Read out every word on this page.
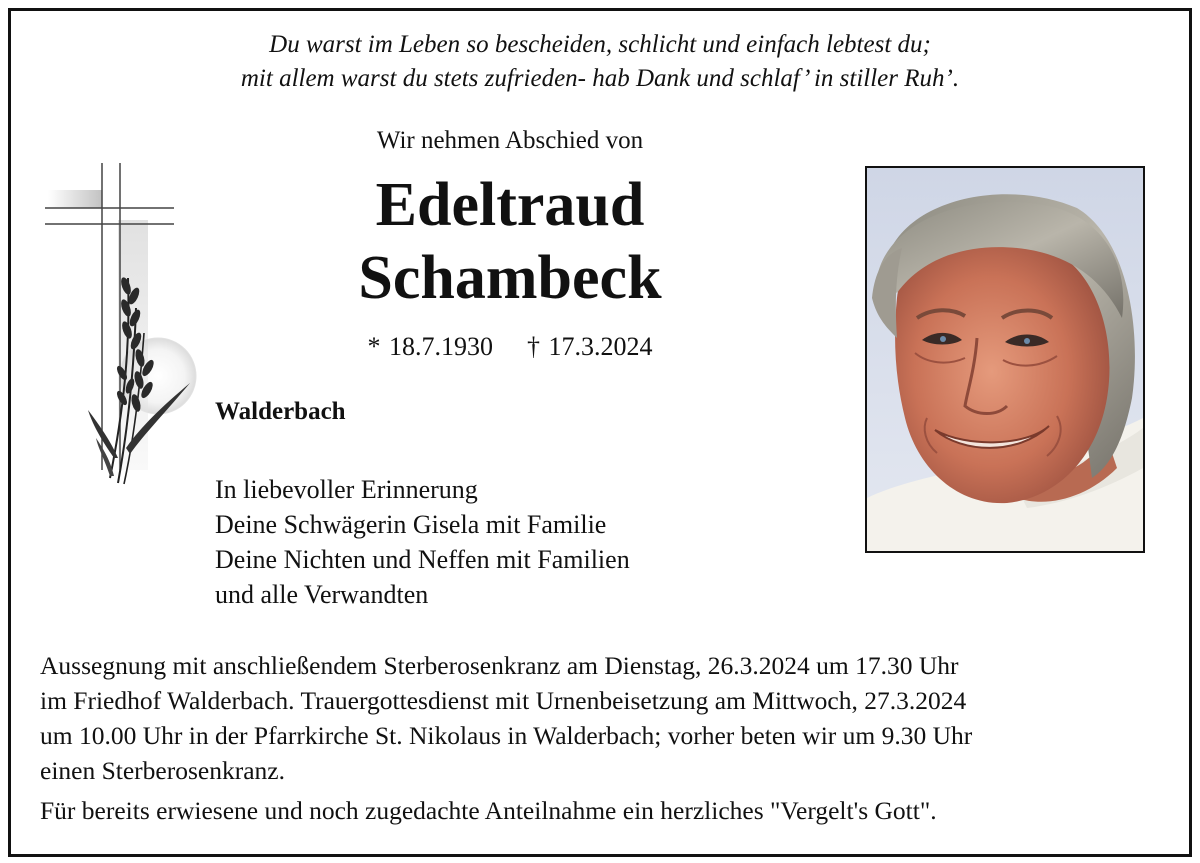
Du warst im Leben so bescheiden, schlicht und einfach lebtest du;
mit allem warst du stets zufrieden- hab Dank und schlaf’ in stiller Ruh’.
Wir nehmen Abschied von
Edeltraud
Schambeck
* 18.7.1930 † 17.3.2024
Walderbach
In liebevoller Erinnerung
Deine Schwägerin Gisela mit Familie
Deine Nichten und Neffen mit Familien
und alle Verwandten
Aussegnung mit anschließendem Sterberosenkranz am Dienstag, 26.3.2024 um 17.30 Uhr
im Friedhof Walderbach. Trauergottesdienst mit Urnenbeisetzung am Mittwoch, 27.3.2024
um 10.00 Uhr in der Pfarrkirche St. Nikolaus in Walderbach; vorher beten wir um 9.30 Uhr
einen Sterberosenkranz.
Für bereits erwiesene und noch zugedachte Anteilnahme ein herzliches "Vergelt's Gott".
